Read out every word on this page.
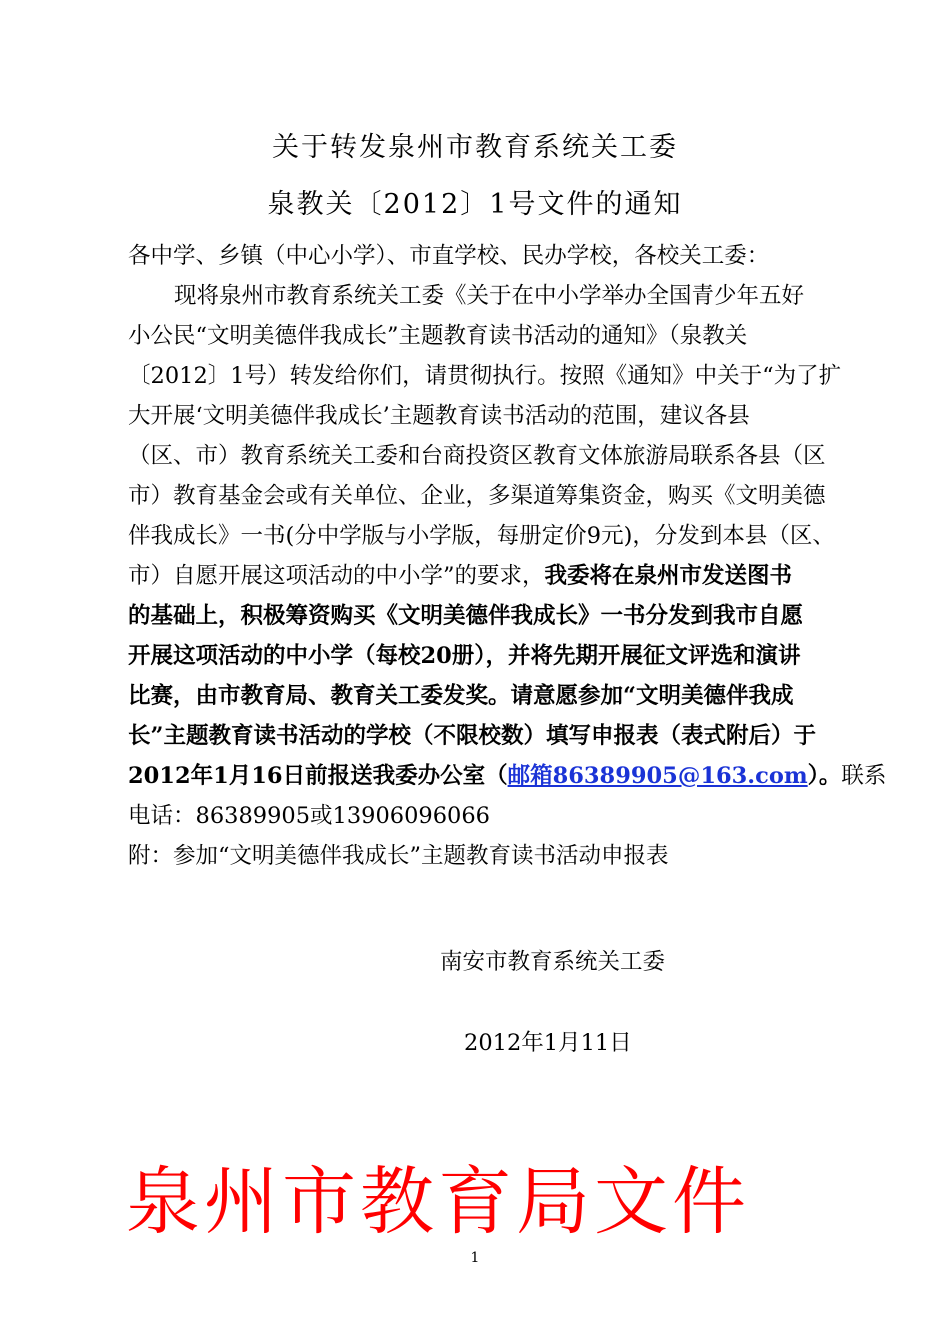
关于转发泉州市教育系统关工委
泉教关〔2012〕1号文件的通知
各中学、乡镇（中心小学）、市直学校、民办学校，各校关工委：
现将泉州市教育系统关工委《关于在中小学举办全国青少年五好
小公民“文明美德伴我成长”主题教育读书活动的通知》（泉教关
〔2012〕1号）转发给你们，请贯彻执行。按照《通知》中关于“为了扩
大开展‘文明美德伴我成长’主题教育读书活动的范围，建议各县
（区、市）教育系统关工委和台商投资区教育文体旅游局联系各县（区
市）教育基金会或有关单位、企业，多渠道筹集资金，购买《文明美德
伴我成长》一书(分中学版与小学版，每册定价9元)，分发到本县（区、
市）自愿开展这项活动的中小学”的要求，我委将在泉州市发送图书
的基础上，积极筹资购买《文明美德伴我成长》一书分发到我市自愿
开展这项活动的中小学（每校20册），并将先期开展征文评选和演讲
比赛，由市教育局、教育关工委发奖。请意愿参加“文明美德伴我成
长”主题教育读书活动的学校（不限校数）填写申报表（表式附后）于
2012年1月16日前报送我委办公室（邮箱86389905@163.com）。联系
电话：86389905或13906096066
附：参加“文明美德伴我成长”主题教育读书活动申报表
南安市教育系统关工委
2012年1月11日
泉州市教育局文件
1
